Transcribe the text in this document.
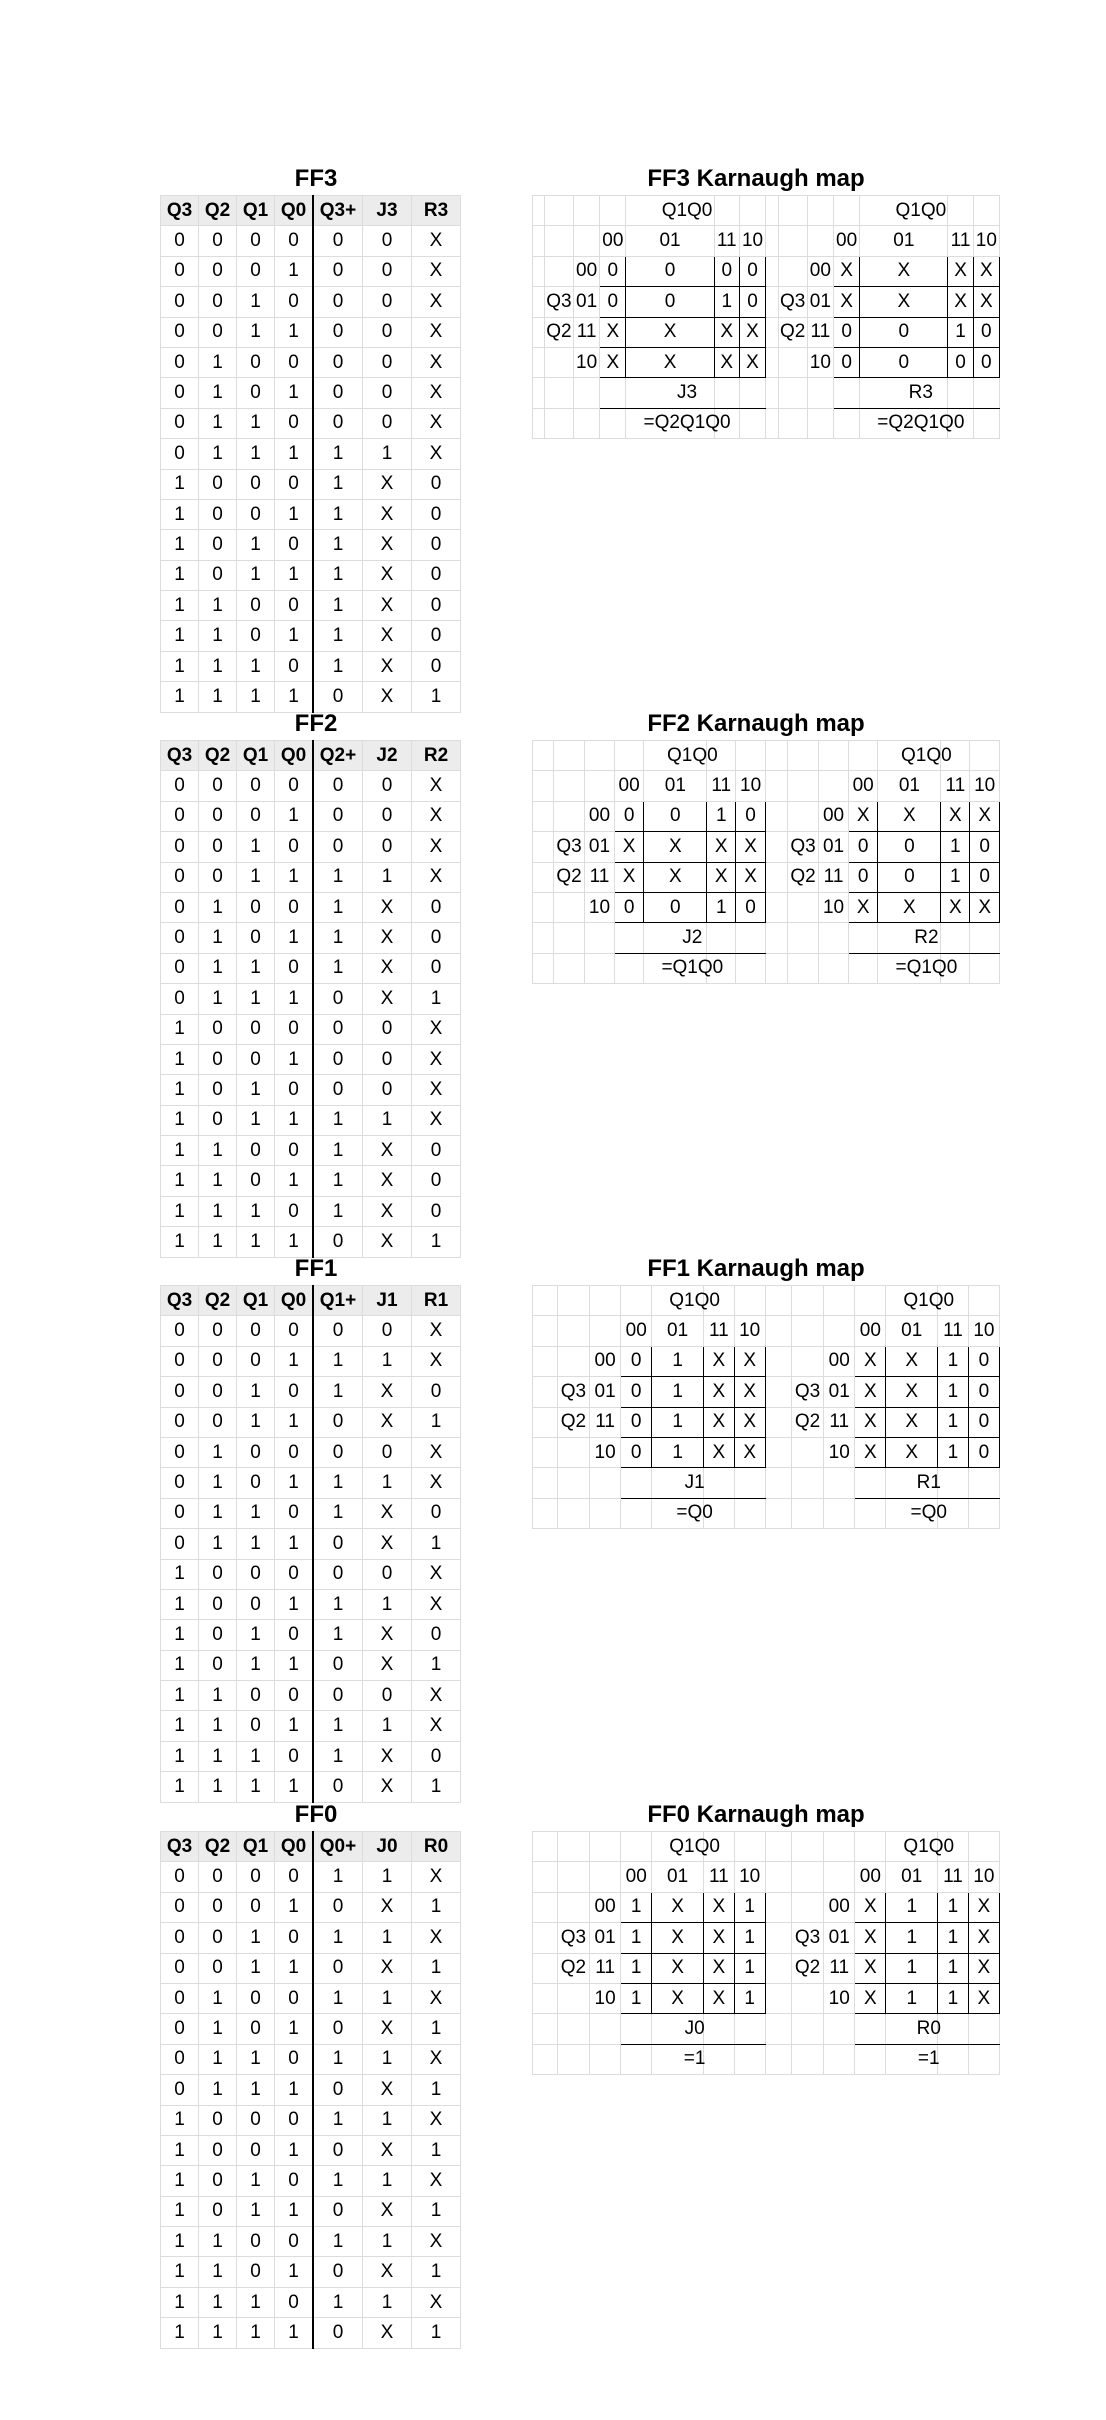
FF3	FF3 Karnaugh map
Q3	Q2	Q1	Q0	Q3+	J3	R3
0	0	0	0	0	0	X
0	0	0	1	0	0	X
0	0	1	0	0	0	X
0	0	1	1	0	0	X
0	1	0	0	0	0	X
0	1	0	1	0	0	X
0	1	1	0	0	0	X
0	1	1	1	1	1	X
1	0	0	0	1	X	0
1	0	0	1	1	X	0
1	0	1	0	1	X	0
1	0	1	1	1	X	0
1	1	0	0	1	X	0
1	1	0	1	1	X	0
1	1	1	0	1	X	0
1	1	1	1	0	X	1
				Q1Q0							Q1Q0		
			00	01	11	10				00	01	11	10
		00	0	0	0	0			00	X	X	X	X
	Q3	01	0	0	1	0		Q3	01	X	X	X	X
	Q2	11	X	X	X	X		Q2	11	0	0	1	0
		10	X	X	X	X			10	0	0	0	0
				J3							R3		
				=Q2Q1Q0							=Q2Q1Q0		
FF2	FF2 Karnaugh map
Q3	Q2	Q1	Q0	Q2+	J2	R2
0	0	0	0	0	0	X
0	0	0	1	0	0	X
0	0	1	0	0	0	X
0	0	1	1	1	1	X
0	1	0	0	1	X	0
0	1	0	1	1	X	0
0	1	1	0	1	X	0
0	1	1	1	0	X	1
1	0	0	0	0	0	X
1	0	0	1	0	0	X
1	0	1	0	0	0	X
1	0	1	1	1	1	X
1	1	0	0	1	X	0
1	1	0	1	1	X	0
1	1	1	0	1	X	0
1	1	1	1	0	X	1
				Q1Q0							Q1Q0		
			00	01	11	10				00	01	11	10
		00	0	0	1	0			00	X	X	X	X
	Q3	01	X	X	X	X		Q3	01	0	0	1	0
	Q2	11	X	X	X	X		Q2	11	0	0	1	0
		10	0	0	1	0			10	X	X	X	X
				J2							R2		
				=Q1Q0							=Q1Q0		
FF1	FF1 Karnaugh map
Q3	Q2	Q1	Q0	Q1+	J1	R1
0	0	0	0	0	0	X
0	0	0	1	1	1	X
0	0	1	0	1	X	0
0	0	1	1	0	X	1
0	1	0	0	0	0	X
0	1	0	1	1	1	X
0	1	1	0	1	X	0
0	1	1	1	0	X	1
1	0	0	0	0	0	X
1	0	0	1	1	1	X
1	0	1	0	1	X	0
1	0	1	1	0	X	1
1	1	0	0	0	0	X
1	1	0	1	1	1	X
1	1	1	0	1	X	0
1	1	1	1	0	X	1
				Q1Q0							Q1Q0		
			00	01	11	10				00	01	11	10
		00	0	1	X	X			00	X	X	1	0
	Q3	01	0	1	X	X		Q3	01	X	X	1	0
	Q2	11	0	1	X	X		Q2	11	X	X	1	0
		10	0	1	X	X			10	X	X	1	0
				J1							R1		
				=Q0							=Q0		
FF0	FF0 Karnaugh map
Q3	Q2	Q1	Q0	Q0+	J0	R0
0	0	0	0	1	1	X
0	0	0	1	0	X	1
0	0	1	0	1	1	X
0	0	1	1	0	X	1
0	1	0	0	1	1	X
0	1	0	1	0	X	1
0	1	1	0	1	1	X
0	1	1	1	0	X	1
1	0	0	0	1	1	X
1	0	0	1	0	X	1
1	0	1	0	1	1	X
1	0	1	1	0	X	1
1	1	0	0	1	1	X
1	1	0	1	0	X	1
1	1	1	0	1	1	X
1	1	1	1	0	X	1
				Q1Q0							Q1Q0		
			00	01	11	10				00	01	11	10
		00	1	X	X	1			00	X	1	1	X
	Q3	01	1	X	X	1		Q3	01	X	1	1	X
	Q2	11	1	X	X	1		Q2	11	X	1	1	X
		10	1	X	X	1			10	X	1	1	X
				J0							R0		
				=1							=1		
